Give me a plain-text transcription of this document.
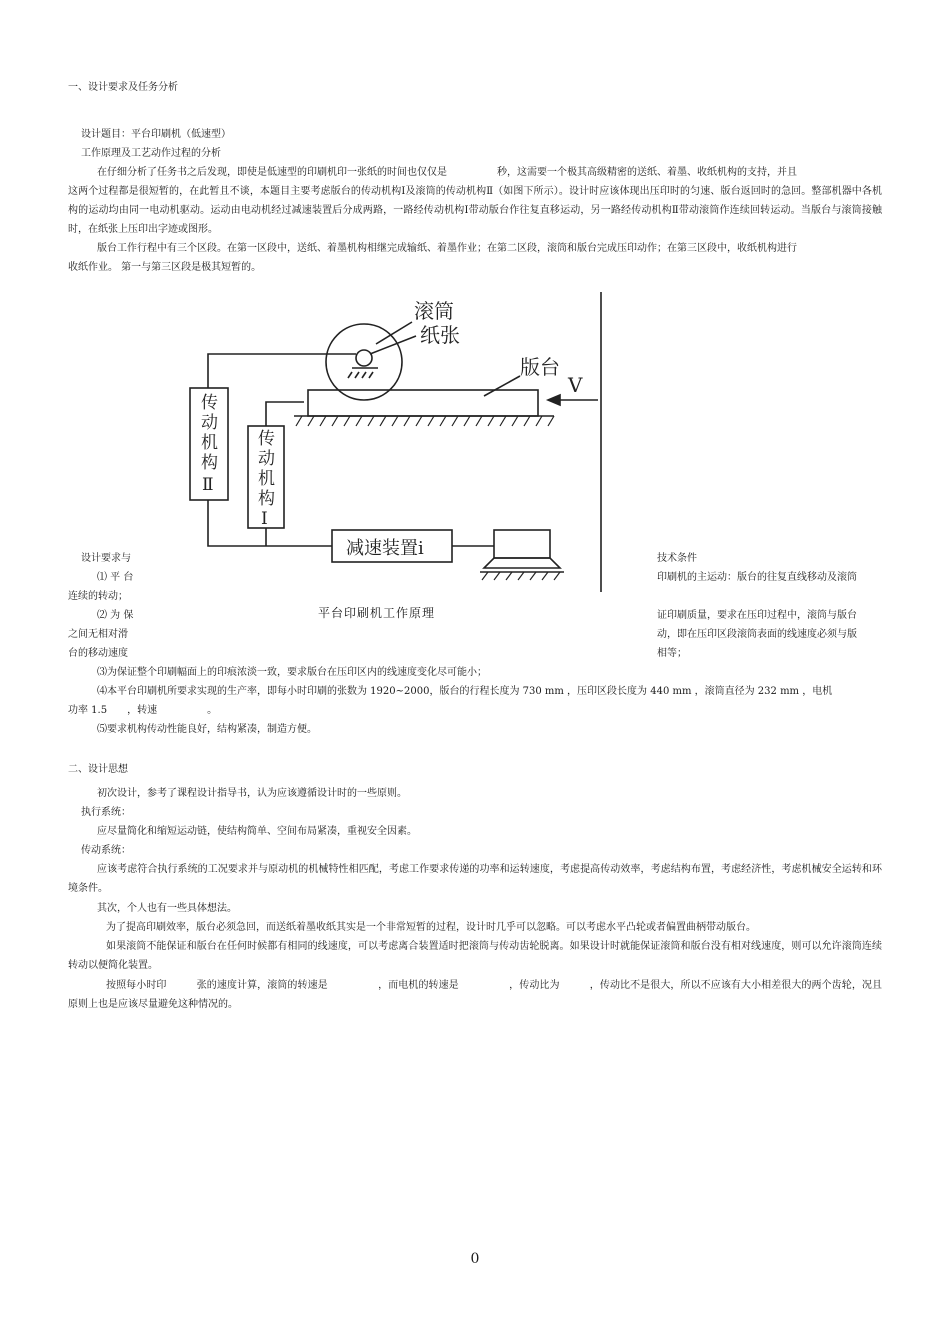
一、设计要求及任务分析
设计题目：平台印刷机（低速型）
工作原理及工艺动作过程的分析
在仔细分析了任务书之后发现，即使是低速型的印刷机印一张纸的时间也仅仅是　　　　　秒，这需要一个极其高级精密的送纸、着墨、收纸机构的支持，并且
这两个过程都是很短暂的，在此暂且不谈，本题目主要考虑版台的传动机构Ⅰ及滚筒的传动机构Ⅱ（如图下所示）。设计时应该体现出压印时的匀速、版台返回时的急回。整部机器中各机构的运动均由同一电动机驱动。运动由电动机经过减速装置后分成两路，一路经传动机构Ⅰ带动版台作往复直移运动，另一路经传动机构Ⅱ带动滚筒作连续回转运动。当版台与滚筒接触时，在纸张上压印出字迹或图形。
版台工作行程中有三个区段。在第一区段中，送纸、着墨机构相继完成输纸、着墨作业；在第二区段，滚筒和版台完成压印动作；在第三区段中，收纸机构进行
收纸作业。 第一与第三区段是极其短暂的。
滚筒
纸张
版台
V
传
动
机
构
Ⅱ
传
动
机
构
Ⅰ
减速装置i
设计要求与	技术条件
⑴ 平 台	印刷机的主运动：版台的往复直线移动及滚筒
连续的转动；
⑵ 为 保	平台印刷机工作原理	证印刷质量，要求在压印过程中，滚筒与版台
之间无相对滑	动，即在压印区段滚筒表面的线速度必须与版
台的移动速度	相等；
⑶为保证整个印刷幅面上的印痕浓淡一致，要求版台在压印区内的线速度变化尽可能小；
⑷本平台印刷机所要求实现的生产率，即每小时印刷的张数为 1920~2000，版台的行程长度为 730 mm ，压印区段长度为 440 mm ，滚筒直径为 232 mm ，电机
功率 1.5　　，转速　　　　　。
⑸要求机构传动性能良好，结构紧凑，制造方便。
二、设计思想
初次设计，参考了课程设计指导书，认为应该遵循设计时的一些原则。
执行系统：
应尽量简化和缩短运动链，使结构简单、空间布局紧凑，重视安全因素。
传动系统：
应该考虑符合执行系统的工况要求并与原动机的机械特性相匹配，考虑工作要求传递的功率和运转速度，考虑提高传动效率，考虑结构布置，考虑经济性，考虑机械安全运转和环境条件。
其次，个人也有一些具体想法。
为了提高印刷效率，版台必须急回，而送纸着墨收纸其实是一个非常短暂的过程，设计时几乎可以忽略。可以考虑水平凸轮或者偏置曲柄带动版台。
如果滚筒不能保证和版台在任何时候都有相同的线速度，可以考虑离合装置适时把滚筒与传动齿轮脱离。如果设计时就能保证滚筒和版台没有相对线速度，则可以允许滚筒连续转动以便简化装置。
按照每小时印　　　张的速度计算，滚筒的转速是　　　　　，而电机的转速是　　　　　，传动比为　　　，传动比不是很大，所以不应该有大小相差很大的两个齿轮，况且原则上也是应该尽量避免这种情况的。
0
